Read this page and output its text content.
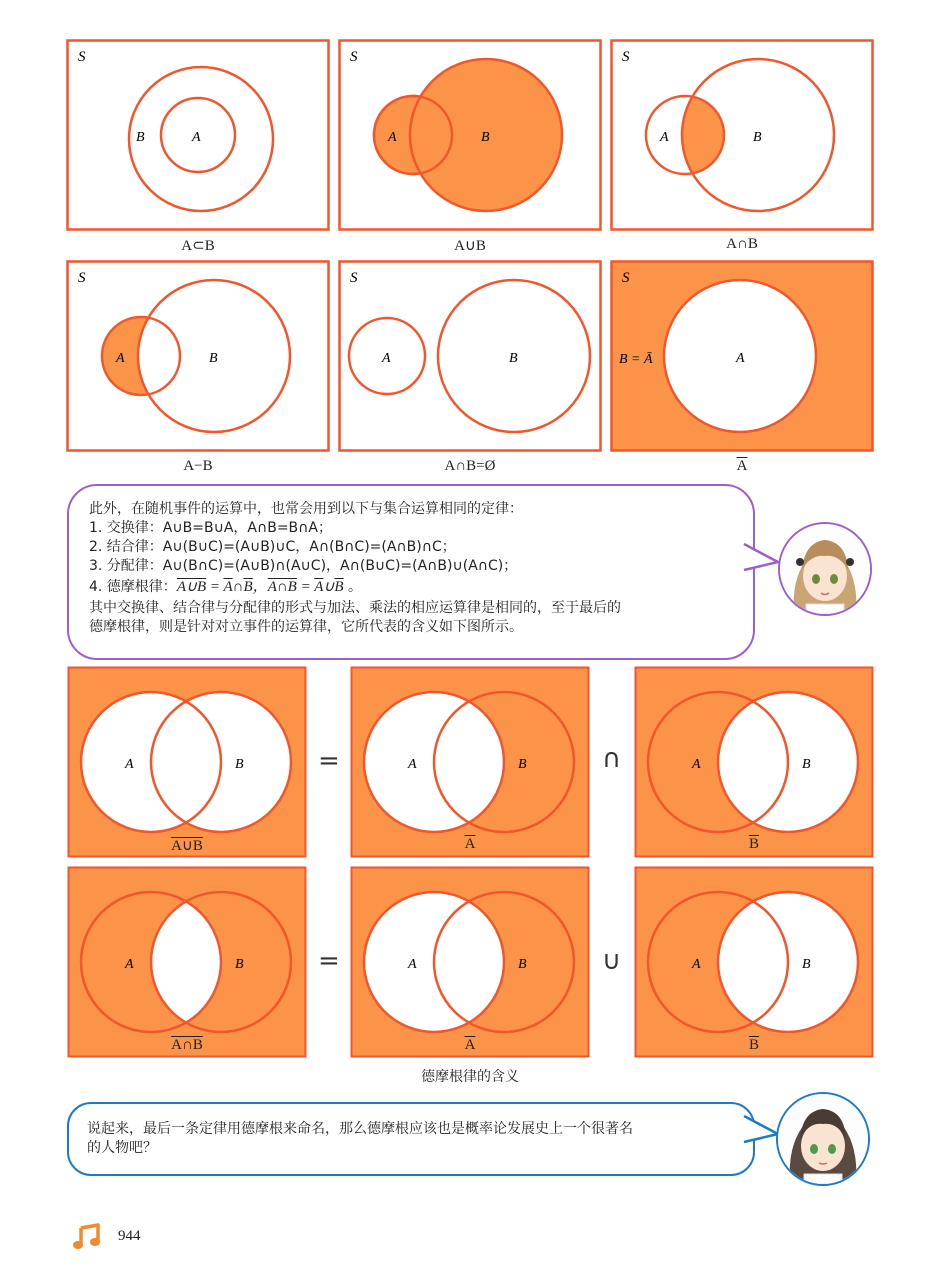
S
B	A
A⊂B
S
A	B
A∪B
S
A	B
A∩B
S
A	B
A−B
S
A	B
A∩B=Ø
S
B = Ā	A
$\overline{A}$
此外，在随机事件的运算中，也常会用到以下与集合运算相同的定律：
1. 交换律：A∪B=B∪A，A∩B=B∩A；
2. 结合律：A∪(B∪C)=(A∪B)∪C，A∩(B∩C)=(A∩B)∩C；
3. 分配律：A∪(B∩C)=(A∪B)∩(A∪C)，A∩(B∪C)=(A∩B)∪(A∩C)；
4. 德摩根律：A∪B = $\overline{A}\cap\overline{B}$，A∩B = $\overline{A}\cup\overline{B}$ 。
其中交换律、结合律与分配律的形式与加法、乘法的相应运算律是相同的，至于最后的
德摩根律，则是针对对立事件的运算律，它所代表的含义如下图所示。
A	B
A∪B
=	A	B
$\overline{A}$
∩	A	B
$\overline{B}$
A	B
A∩B
=	A	B
$\overline{A}$
∪	A	B
$\overline{B}$
德摩根律的含义
说起来，最后一条定律用德摩根来命名，那么德摩根应该也是概率论发展史上一个很著名
的人物吧？
944
